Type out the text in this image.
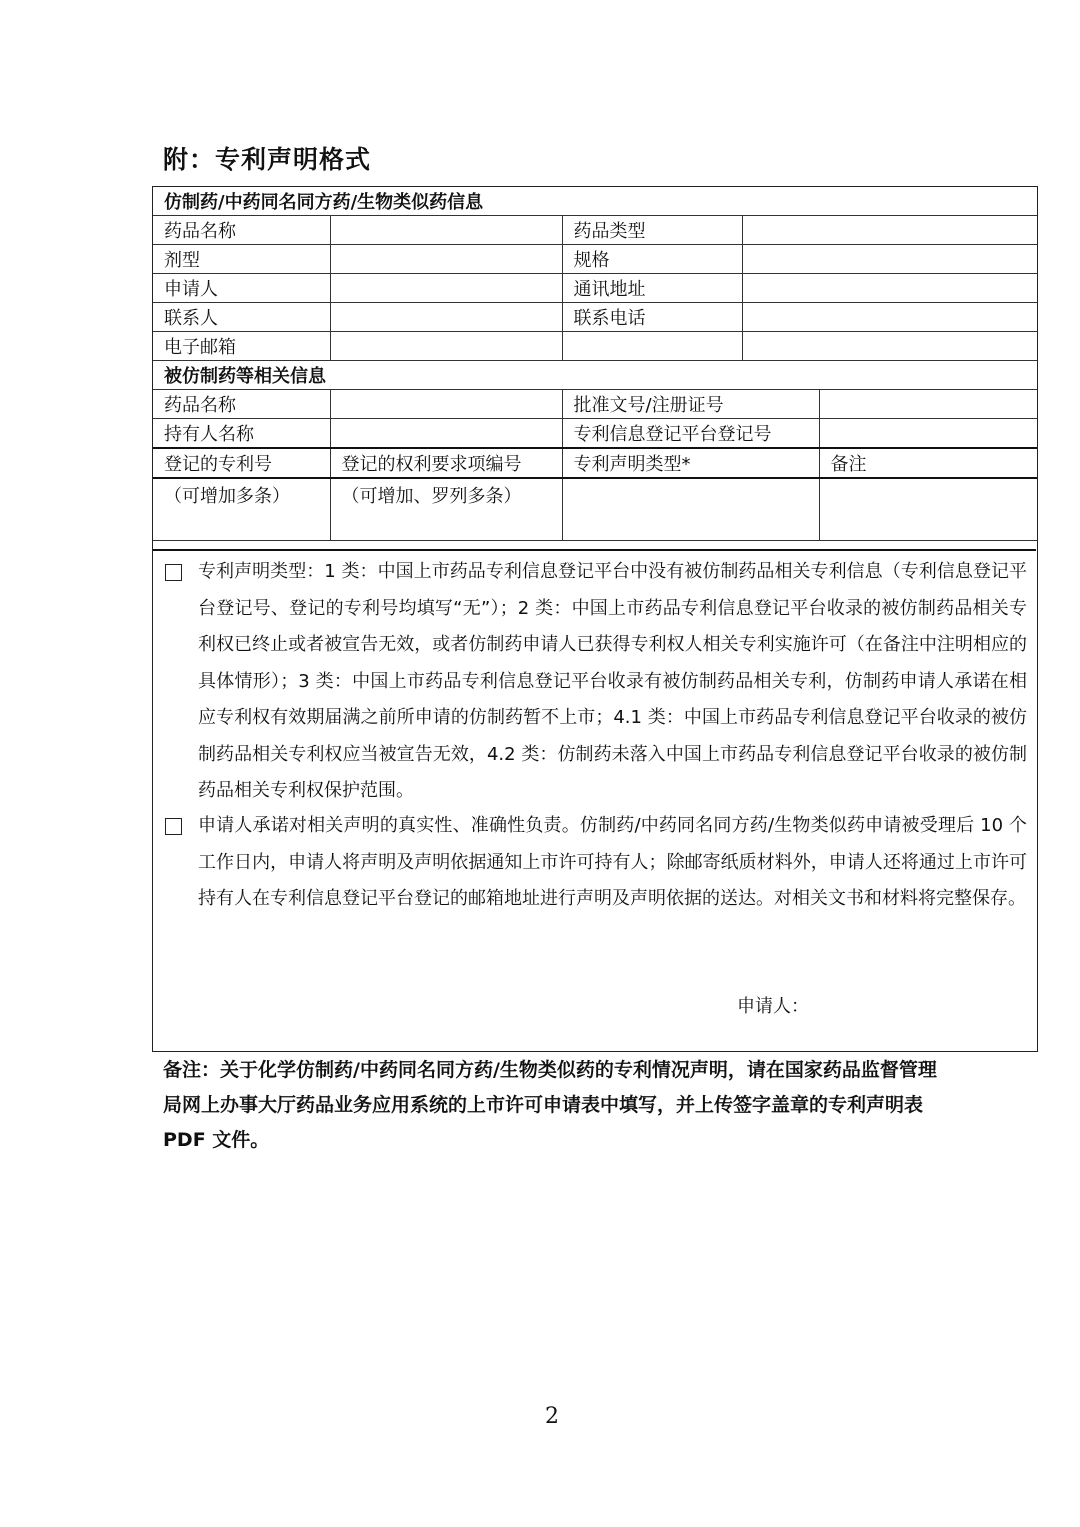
附：专利声明格式
仿制药/中药同名同方药/生物类似药信息				
药品名称		药品类型		
剂型		规格		
申请人		通讯地址		
联系人		联系电话		
电子邮箱				
被仿制药等相关信息				
药品名称		批准文号/注册证号		
持有人名称		专利信息登记平台登记号		
登记的专利号	登记的权利要求项编号	专利声明类型*		备注
（可增加多条）	（可增加、罗列多条）			
专利声明类型：1 类：中国上市药品专利信息登记平台中没有被仿制药品相关专利信息（专利信息登记平台登记号、登记的专利号均填写“无”）；2 类：中国上市药品专利信息登记平台收录的被仿制药品相关专利权已终止或者被宣告无效，或者仿制药申请人已获得专利权人相关专利实施许可（在备注中注明相应的具体情形）；3 类：中国上市药品专利信息登记平台收录有被仿制药品相关专利，仿制药申请人承诺在相应专利权有效期届满之前所申请的仿制药暂不上市；4.1 类：中国上市药品专利信息登记平台收录的被仿制药品相关专利权应当被宣告无效，4.2 类：仿制药未落入中国上市药品专利信息登记平台收录的被仿制药品相关专利权保护范围。
申请人承诺对相关声明的真实性、准确性负责。仿制药/中药同名同方药/生物类似药申请被受理后 10 个工作日内，申请人将声明及声明依据通知上市许可持有人；除邮寄纸质材料外，申请人还将通过上市许可持有人在专利信息登记平台登记的邮箱地址进行声明及声明依据的送达。对相关文书和材料将完整保存。
申请人：
备注：关于化学仿制药/中药同名同方药/生物类似药的专利情况声明，请在国家药品监督管理局网上办事大厅药品业务应用系统的上市许可申请表中填写，并上传签字盖章的专利声明表 PDF 文件。
2
